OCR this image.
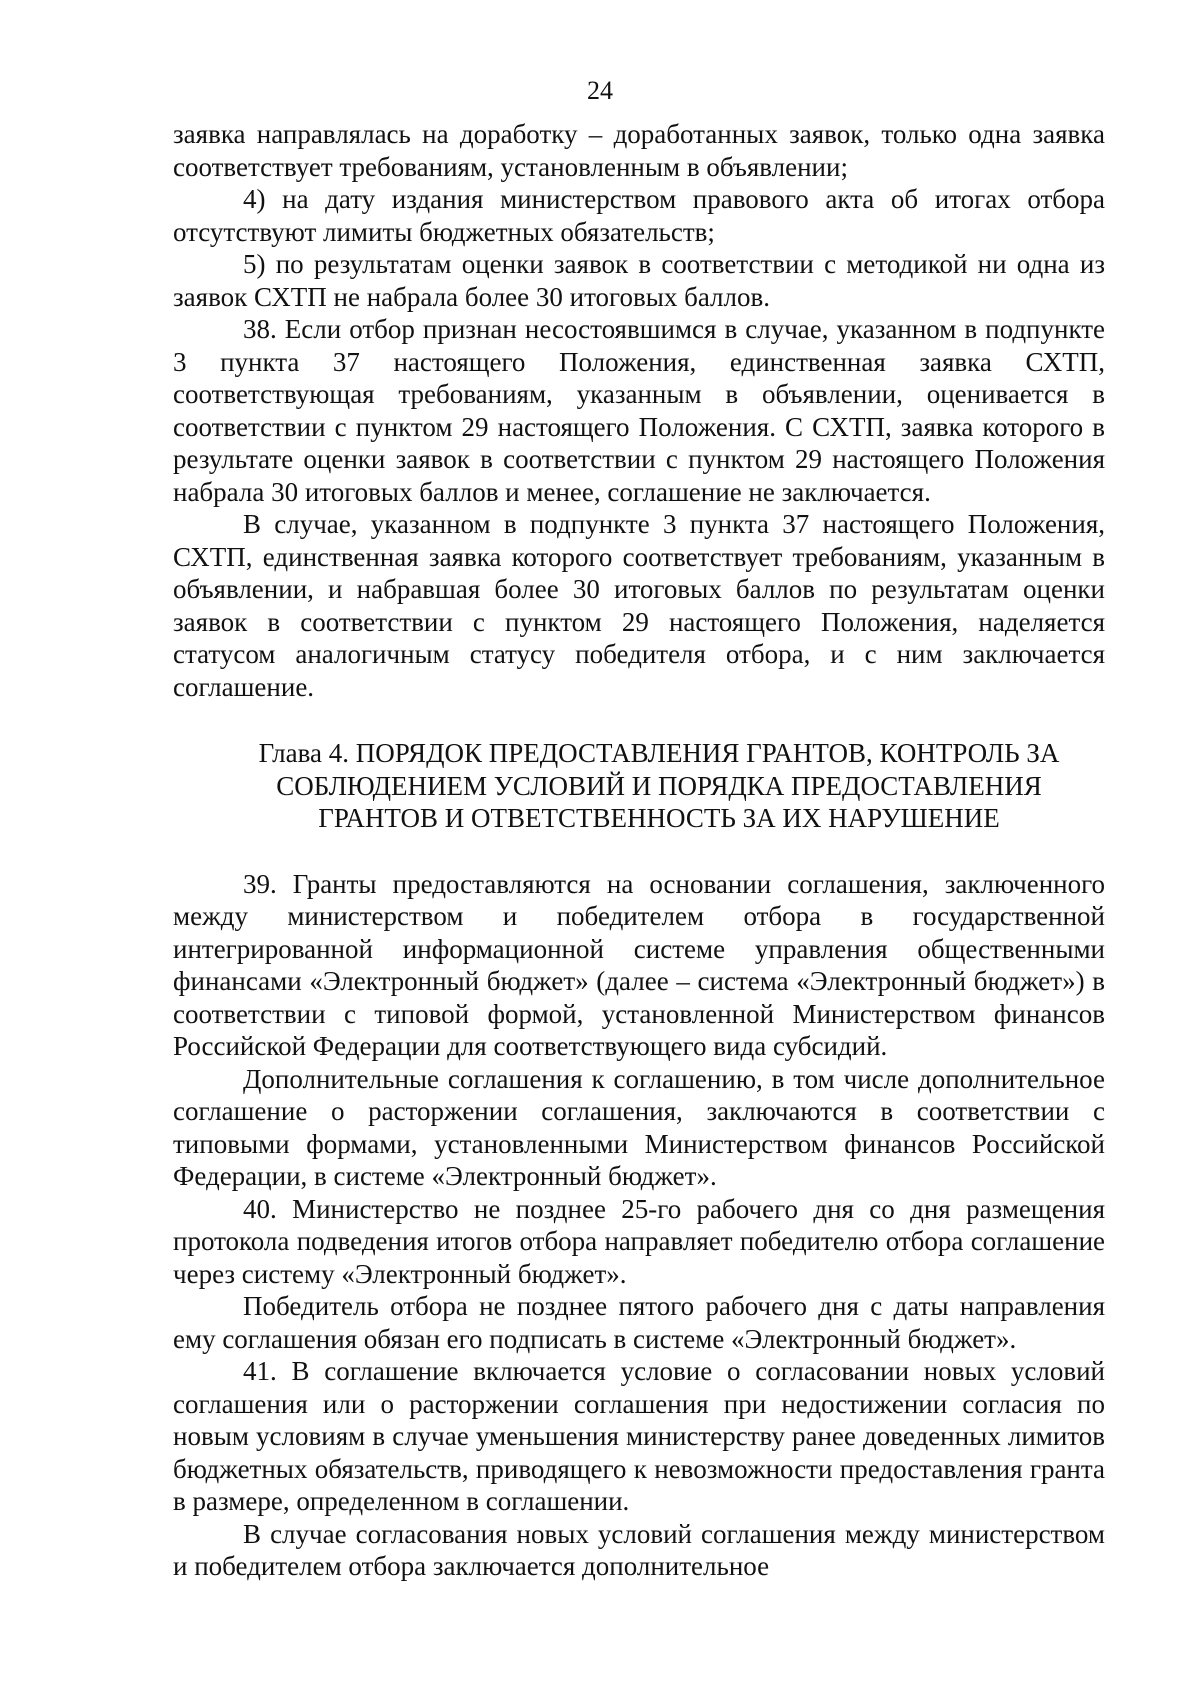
24

заявка направлялась на доработку – доработанных заявок, только одна заявка соответствует требованиям, установленным в объявлении;

4) на дату издания министерством правового акта об итогах отбора отсутствуют лимиты бюджетных обязательств;

5) по результатам оценки заявок в соответствии с методикой ни одна из заявок СХТП не набрала более 30 итоговых баллов.

38. Если отбор признан несостоявшимся в случае, указанном в подпункте 3 пункта 37 настоящего Положения, единственная заявка СХТП, соответствующая требованиям, указанным в объявлении, оценивается в соответствии с пунктом 29 настоящего Положения. С СХТП, заявка которого в результате оценки заявок в соответствии с пунктом 29 настоящего Положения набрала 30 итоговых баллов и менее, соглашение не заключается.

В случае, указанном в подпункте 3 пункта 37 настоящего Положения, СХТП, единственная заявка которого соответствует требованиям, указанным в объявлении, и набравшая более 30 итоговых баллов по результатам оценки заявок в соответствии с пунктом 29 настоящего Положения, наделяется статусом аналогичным статусу победителя отбора, и с ним заключается соглашение.

Глава 4. ПОРЯДОК ПРЕДОСТАВЛЕНИЯ ГРАНТОВ, КОНТРОЛЬ ЗА
СОБЛЮДЕНИЕМ УСЛОВИЙ И ПОРЯДКА ПРЕДОСТАВЛЕНИЯ
ГРАНТОВ И ОТВЕТСТВЕННОСТЬ ЗА ИХ НАРУШЕНИЕ

39. Гранты предоставляются на основании соглашения, заключенного между министерством и победителем отбора в государственной интегрированной информационной системе управления общественными финансами «Электронный бюджет» (далее – система «Электронный бюджет») в соответствии с типовой формой, установленной Министерством финансов Российской Федерации для соответствующего вида субсидий.

Дополнительные соглашения к соглашению, в том числе дополнительное соглашение о расторжении соглашения, заключаются в соответствии с типовыми формами, установленными Министерством финансов Российской Федерации, в системе «Электронный бюджет».

40. Министерство не позднее 25-го рабочего дня со дня размещения протокола подведения итогов отбора направляет победителю отбора соглашение через систему «Электронный бюджет».

Победитель отбора не позднее пятого рабочего дня с даты направления ему соглашения обязан его подписать в системе «Электронный бюджет».

41. В соглашение включается условие о согласовании новых условий соглашения или о расторжении соглашения при недостижении согласия по новым условиям в случае уменьшения министерству ранее доведенных лимитов бюджетных обязательств, приводящего к невозможности предоставления гранта в размере, определенном в соглашении.

В случае согласования новых условий соглашения между министерством и победителем отбора заключается дополнительное
